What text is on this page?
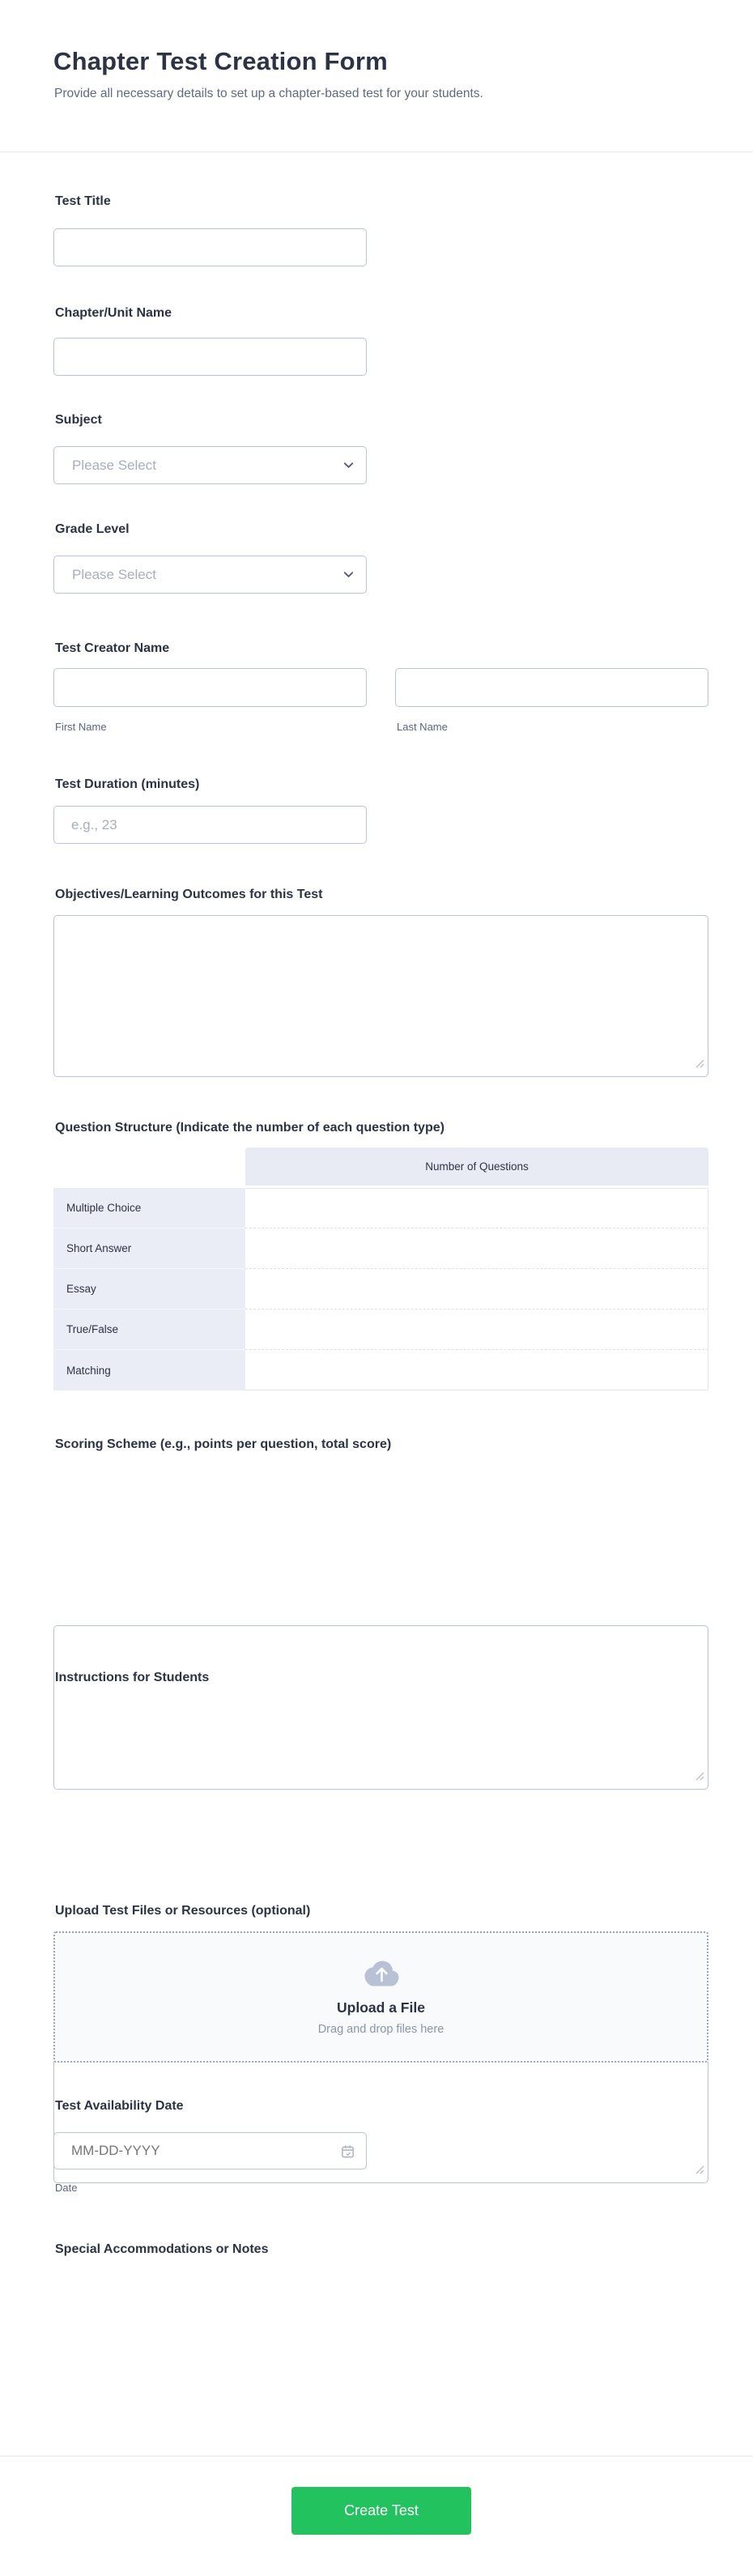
Chapter Test Creation Form
Provide all necessary details to set up a chapter-based test for your students.
Test Title
Chapter/Unit Name
Subject
Please Select
Grade Level
Please Select
Test Creator Name
First Name	Last Name
Test Duration (minutes)
e.g., 23
Objectives/Learning Outcomes for this Test
Question Structure (Indicate the number of each question type)
Number of Questions
Multiple Choice
Short Answer
Essay
True/False
Matching
Scoring Scheme (e.g., points per question, total score)
Instructions for Students
Upload Test Files or Resources (optional)
Upload a File
Drag and drop files here
Test Availability Date
MM-DD-YYYY
Date
Special Accommodations or Notes
Create Test
